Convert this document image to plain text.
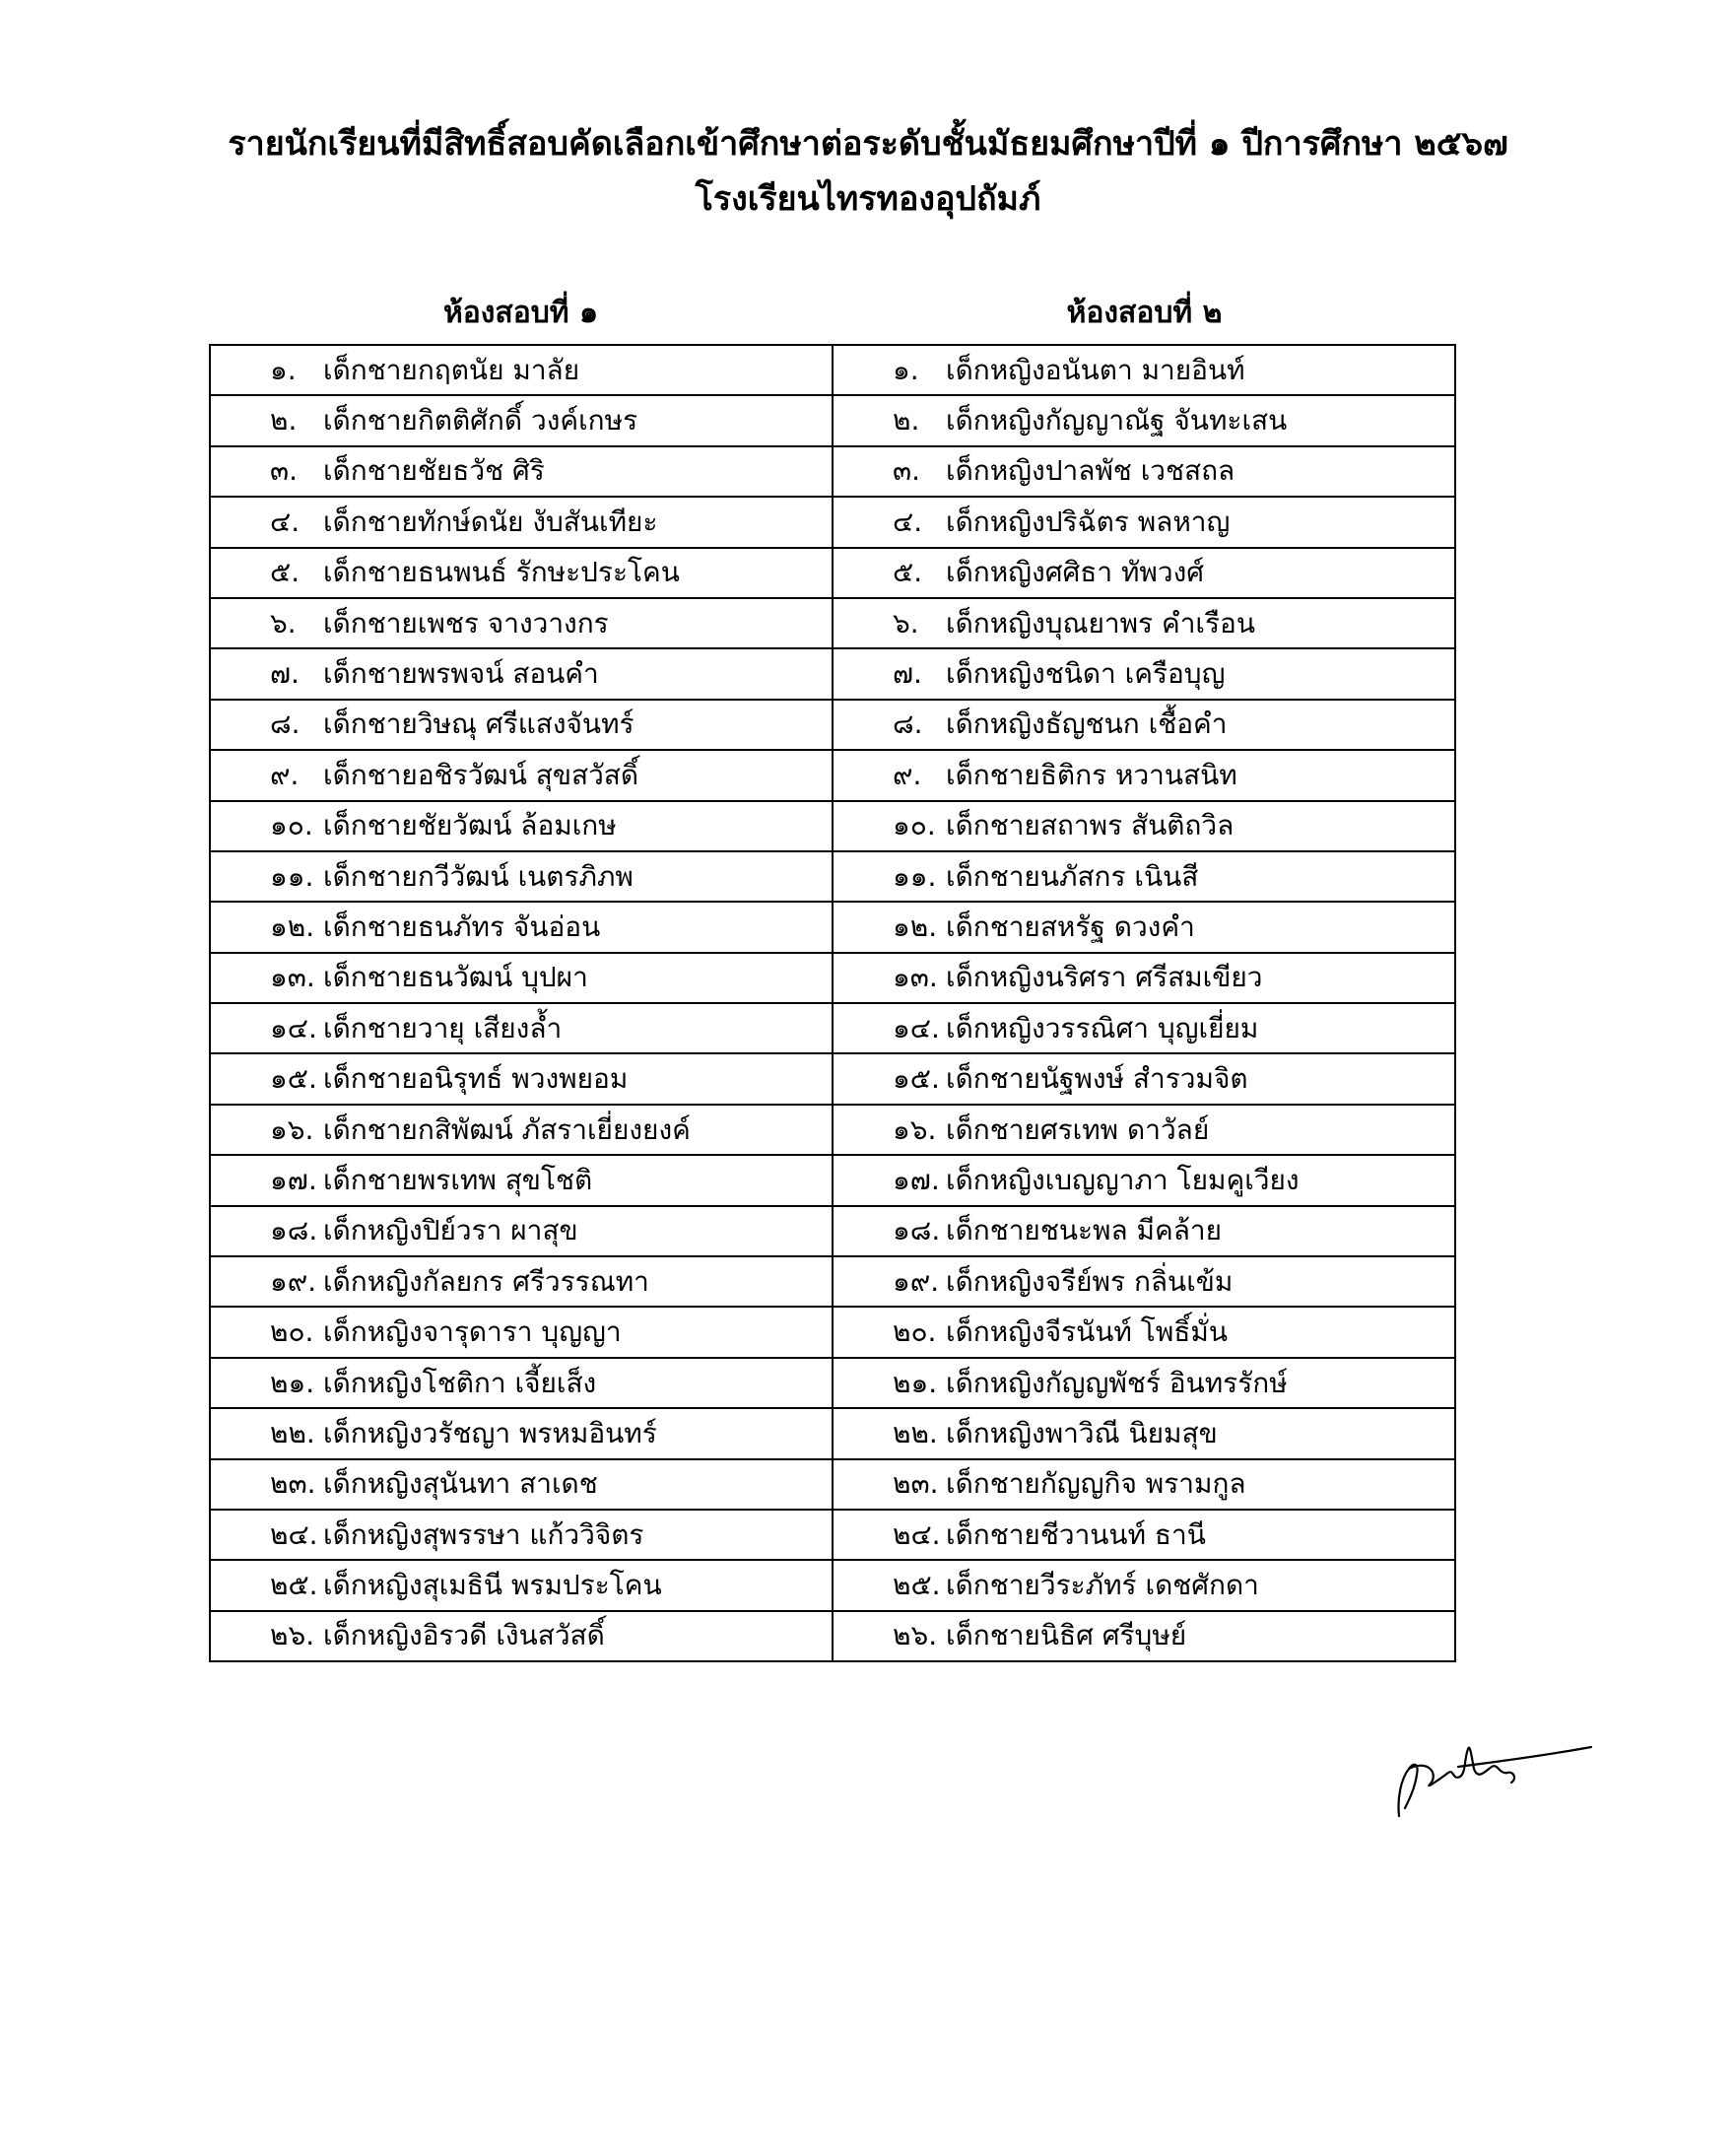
รายนักเรียนที่มีสิทธิ์สอบคัดเลือกเข้าศึกษาต่อระดับชั้นมัธยมศึกษาปีที่ ๑ ปีการศึกษา ๒๕๖๗
โรงเรียนไทรทองอุปถัมภ์
ห้องสอบที่ ๑	ห้องสอบที่ ๒
๑. เด็กชายกฤตนัย มาลัย	๑. เด็กหญิงอนันตา มายอินท์
๒. เด็กชายกิตติศักดิ์ วงค์เกษร	๒. เด็กหญิงกัญญาณัฐ จันทะเสน
๓. เด็กชายชัยธวัช ศิริ	๓. เด็กหญิงปาลพัช เวชสถล
๔. เด็กชายทักษ์ดนัย งับสันเทียะ	๔. เด็กหญิงปริฉัตร พลหาญ
๕. เด็กชายธนพนธ์ รักษะประโคน	๕. เด็กหญิงศศิธา ทัพวงศ์
๖. เด็กชายเพชร จางวางกร	๖. เด็กหญิงบุณยาพร คำเรือน
๗. เด็กชายพรพจน์ สอนคำ	๗. เด็กหญิงชนิดา เครือบุญ
๘. เด็กชายวิษณุ ศรีแสงจันทร์	๘. เด็กหญิงธัญชนก เชื้อคำ
๙. เด็กชายอชิรวัฒน์ สุขสวัสดิ์	๙. เด็กชายธิติกร หวานสนิท
๑๐. เด็กชายชัยวัฒน์ ล้อมเกษ	๑๐. เด็กชายสถาพร สันติถวิล
๑๑. เด็กชายกวีวัฒน์ เนตรภิภพ	๑๑. เด็กชายนภัสกร เนินสี
๑๒. เด็กชายธนภัทร จันอ่อน	๑๒. เด็กชายสหรัฐ ดวงคำ
๑๓. เด็กชายธนวัฒน์ บุปผา	๑๓. เด็กหญิงนริศรา ศรีสมเขียว
๑๔. เด็กชายวายุ เสียงล้ำ	๑๔. เด็กหญิงวรรณิศา บุญเยี่ยม
๑๕. เด็กชายอนิรุทธ์ พวงพยอม	๑๕. เด็กชายนัฐพงษ์ สำรวมจิต
๑๖. เด็กชายกสิพัฒน์ ภัสราเยี่ยงยงค์	๑๖. เด็กชายศรเทพ ดาวัลย์
๑๗. เด็กชายพรเทพ สุขโชติ	๑๗. เด็กหญิงเบญญาภา โยมคูเวียง
๑๘. เด็กหญิงปิย์วรา ผาสุข	๑๘. เด็กชายชนะพล มีคล้าย
๑๙. เด็กหญิงกัลยกร ศรีวรรณทา	๑๙. เด็กหญิงจรีย์พร กลิ่นเข้ม
๒๐. เด็กหญิงจารุดารา บุญญา	๒๐. เด็กหญิงจีรนันท์ โพธิ์มั่น
๒๑. เด็กหญิงโชติกา เจี้ยเส็ง	๒๑. เด็กหญิงกัญญพัชร์ อินทรรักษ์
๒๒. เด็กหญิงวรัชญา พรหมอินทร์	๒๒. เด็กหญิงพาวิณี นิยมสุข
๒๓. เด็กหญิงสุนันทา สาเดช	๒๓. เด็กชายกัญญกิจ พรามกูล
๒๔. เด็กหญิงสุพรรษา แก้ววิจิตร	๒๔. เด็กชายชีวานนท์ ธานี
๒๕. เด็กหญิงสุเมธินี พรมประโคน	๒๕. เด็กชายวีระภัทร์ เดชศักดา
๒๖. เด็กหญิงอิรวดี เงินสวัสดิ์	๒๖. เด็กชายนิธิศ ศรีบุษย์
